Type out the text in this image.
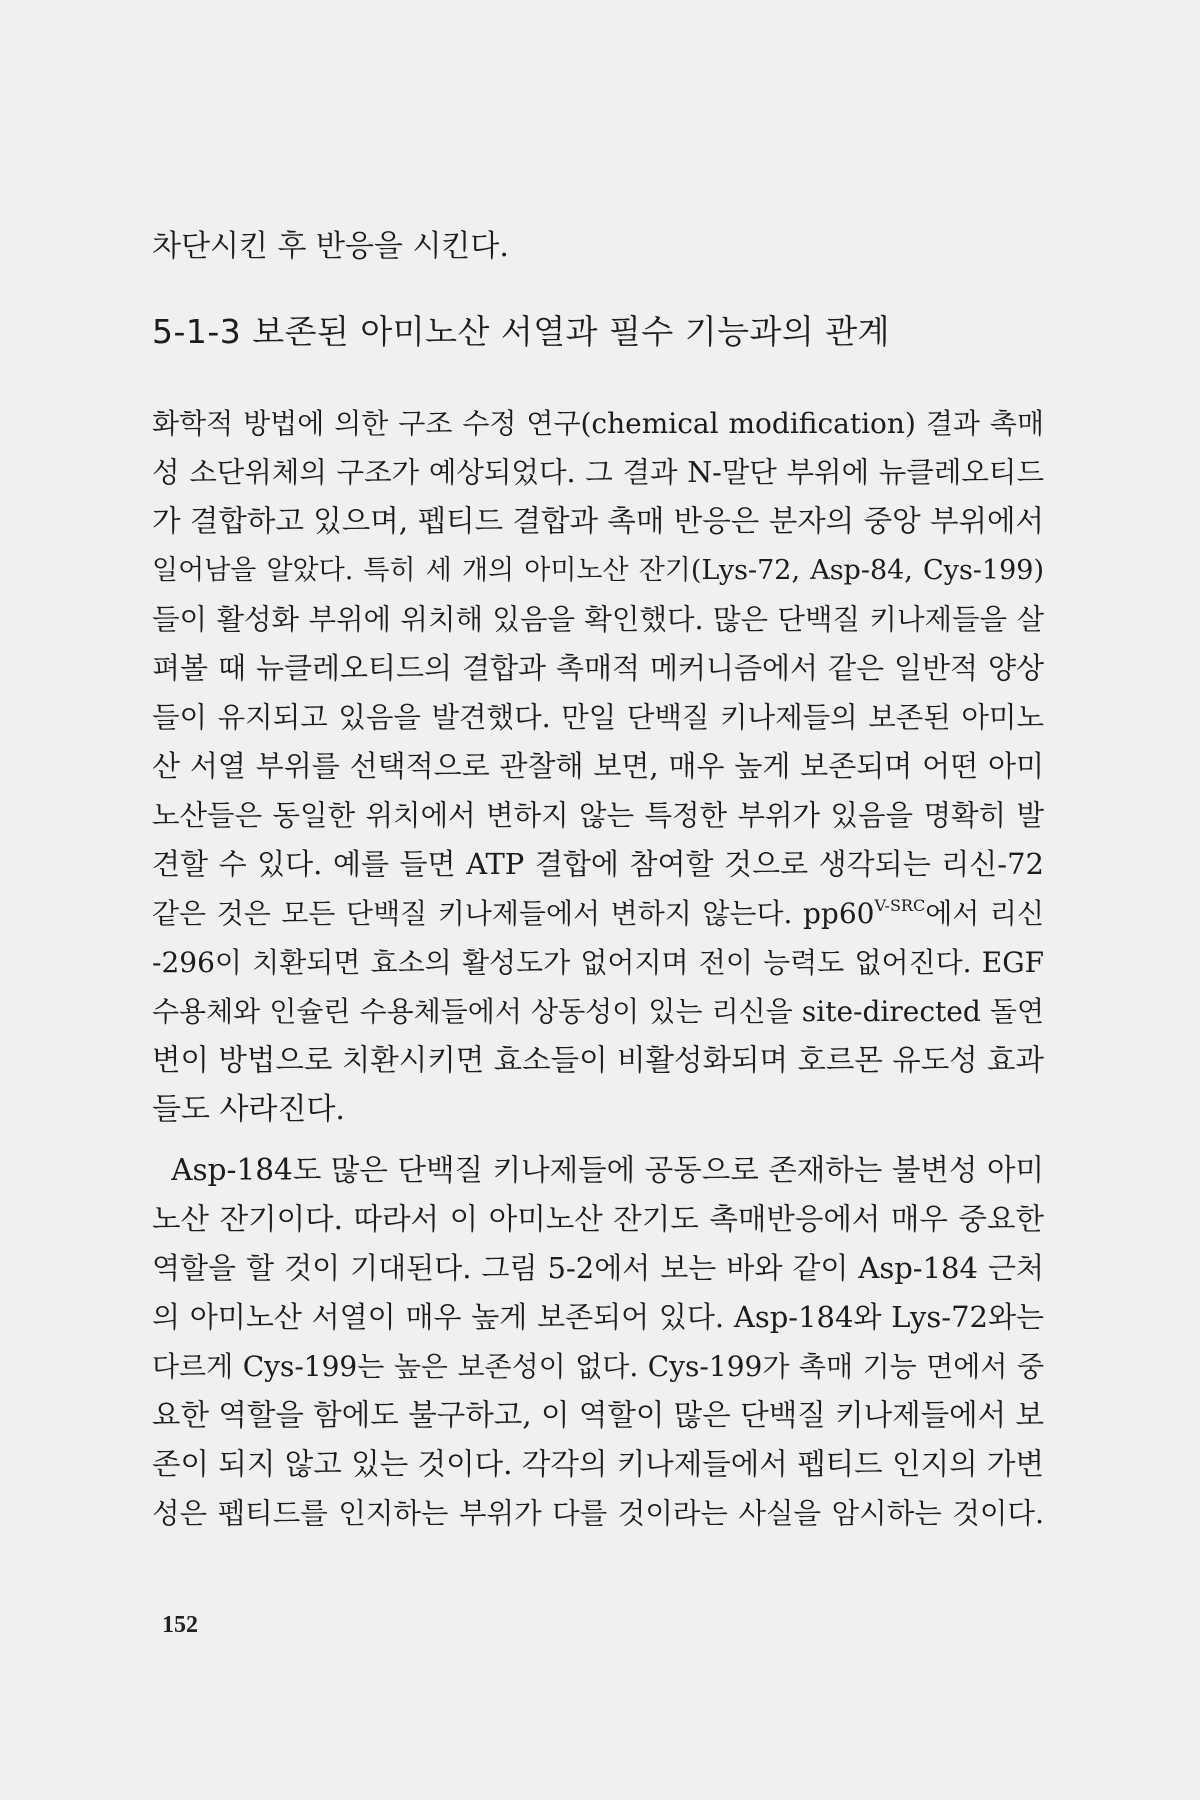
차단시킨 후 반응을 시킨다.
5-1-3 보존된 아미노산 서열과 필수 기능과의 관계
화학적 방법에 의한 구조 수정 연구(chemical modification) 결과 촉매
성 소단위체의 구조가 예상되었다. 그 결과 N-말단 부위에 뉴클레오티드
가 결합하고 있으며, 펩티드 결합과 촉매 반응은 분자의 중앙 부위에서
일어남을 알았다. 특히 세 개의 아미노산 잔기(Lys-72, Asp-84, Cys-199)
들이 활성화 부위에 위치해 있음을 확인했다. 많은 단백질 키나제들을 살
펴볼 때 뉴클레오티드의 결합과 촉매적 메커니즘에서 같은 일반적 양상
들이 유지되고 있음을 발견했다. 만일 단백질 키나제들의 보존된 아미노
산 서열 부위를 선택적으로 관찰해 보면, 매우 높게 보존되며 어떤 아미
노산들은 동일한 위치에서 변하지 않는 특정한 부위가 있음을 명확히 발
견할 수 있다. 예를 들면 ATP 결합에 참여할 것으로 생각되는 리신-72
같은 것은 모든 단백질 키나제들에서 변하지 않는다. $pp60^{V-SRC}$에서 리신
-296이 치환되면 효소의 활성도가 없어지며 전이 능력도 없어진다. EGF
수용체와 인슐린 수용체들에서 상동성이 있는 리신을 site-directed 돌연
변이 방법으로 치환시키면 효소들이 비활성화되며 호르몬 유도성 효과
들도 사라진다.
Asp-184도 많은 단백질 키나제들에 공동으로 존재하는 불변성 아미
노산 잔기이다. 따라서 이 아미노산 잔기도 촉매반응에서 매우 중요한
역할을 할 것이 기대된다. 그림 5-2에서 보는 바와 같이 Asp-184 근처
의 아미노산 서열이 매우 높게 보존되어 있다. Asp-184와 Lys-72와는
다르게 Cys-199는 높은 보존성이 없다. Cys-199가 촉매 기능 면에서 중
요한 역할을 함에도 불구하고, 이 역할이 많은 단백질 키나제들에서 보
존이 되지 않고 있는 것이다. 각각의 키나제들에서 펩티드 인지의 가변
성은 펩티드를 인지하는 부위가 다를 것이라는 사실을 암시하는 것이다.
152
